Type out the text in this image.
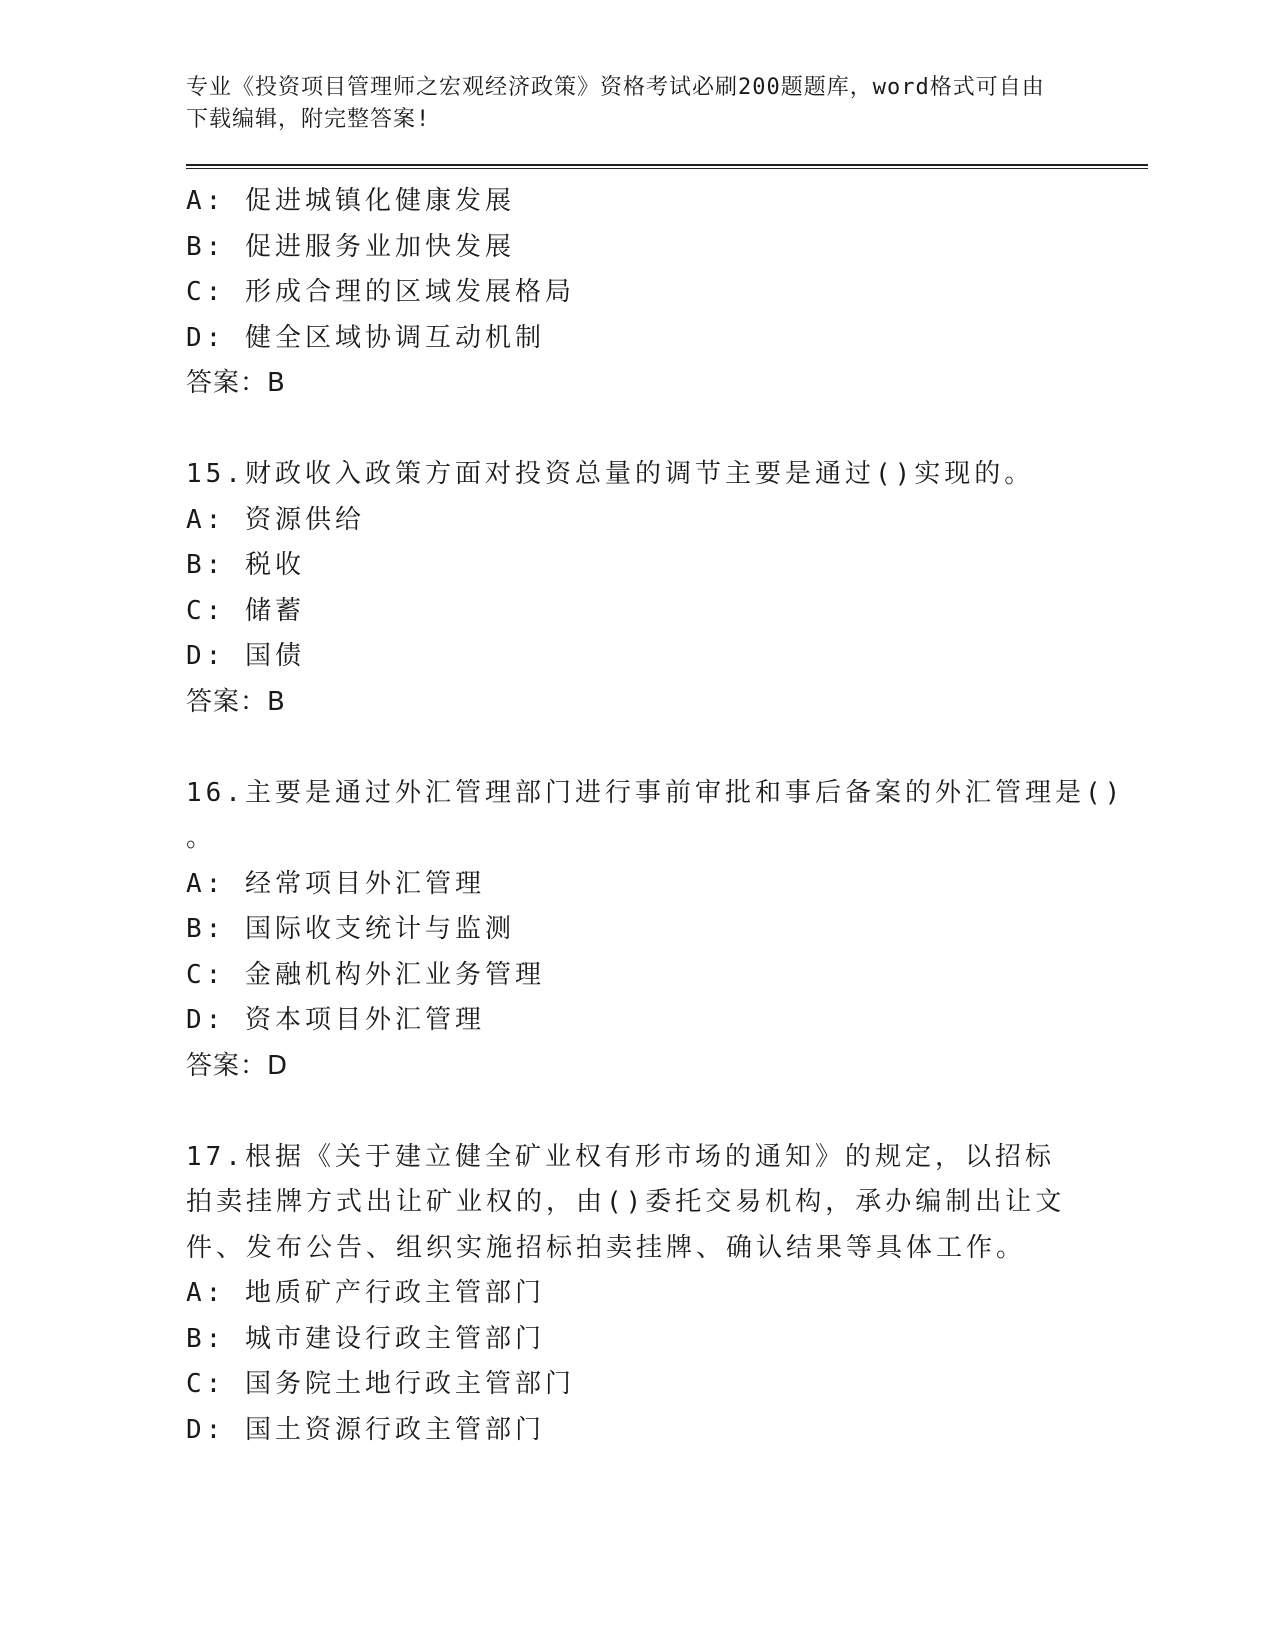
专业《投资项目管理师之宏观经济政策》资格考试必刷200题题库，word格式可自由下载编辑，附完整答案!

A: 促进城镇化健康发展
B: 促进服务业加快发展
C: 形成合理的区域发展格局
D: 健全区域协调互动机制
答案：B
15.财政收入政策方面对投资总量的调节主要是通过()实现的。
A: 资源供给
B: 税收
C: 储蓄
D: 国债
答案：B
16.主要是通过外汇管理部门进行事前审批和事后备案的外汇管理是()
。
A: 经常项目外汇管理
B: 国际收支统计与监测
C: 金融机构外汇业务管理
D: 资本项目外汇管理
答案：D
17.根据《关于建立健全矿业权有形市场的通知》的规定，以招标拍卖挂牌方式出让矿业权的，由()委托交易机构，承办编制出让文件、发布公告、组织实施招标拍卖挂牌、确认结果等具体工作。
A: 地质矿产行政主管部门
B: 城市建设行政主管部门
C: 国务院土地行政主管部门
D: 国土资源行政主管部门
